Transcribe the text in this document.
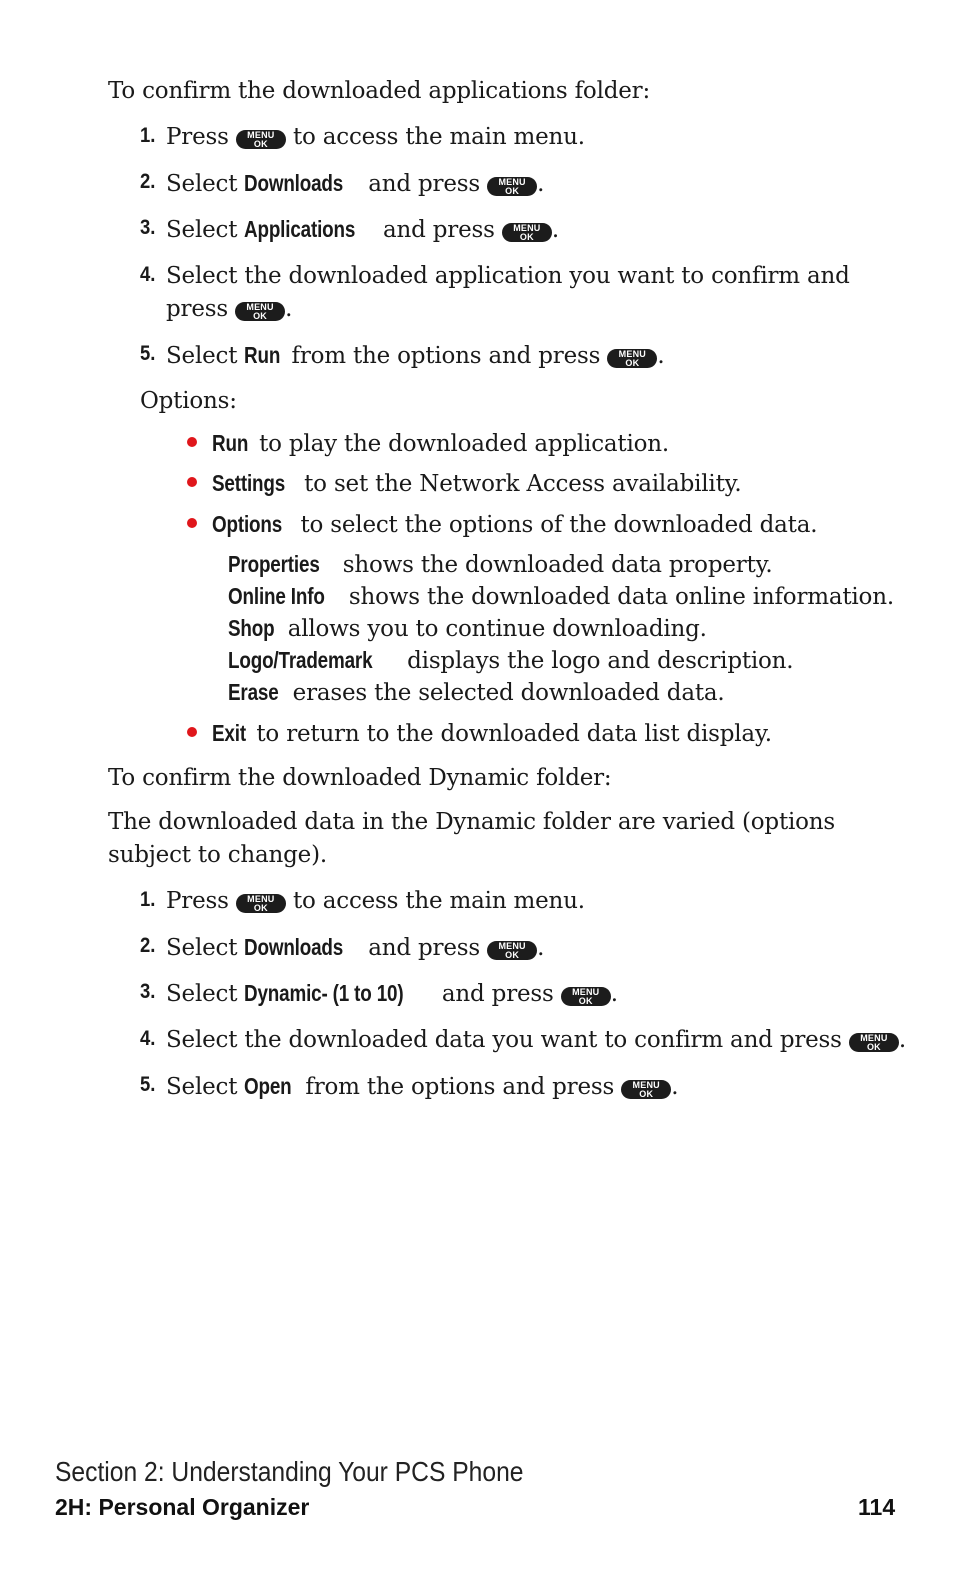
To confirm the downloaded applications folder:
1. Press	MENU
OK	to access the main menu.
2. Select Downloads and press	MENU
OK .
3. Select Applications and press	MENU
OK .
4. Select the downloaded application you want to confirm and
press	MENU
OK .
5. Select Run from the options and press	MENU
OK .
Options:
Run to play the downloaded application.
Settings to set the Network Access availability.
Options to select the options of the downloaded data.
Properties shows the downloaded data property.
Online Info shows the downloaded data online information.
Shop allows you to continue downloading.
Logo/Trademark displays the logo and description.
Erase erases the selected downloaded data.
Exit to return to the downloaded data list display.
To confirm the downloaded Dynamic folder:
The downloaded data in the Dynamic folder are varied (options
subject to change).
1. Press	MENU
OK	to access the main menu.
2. Select Downloads and press	MENU
OK .
3. Select Dynamic- (1 to 10) and press	MENU
OK .
4. Select the downloaded data you want to confirm and press	MENU
OK .
5. Select Open from the options and press	MENU
OK .
Section 2: Understanding Your PCS Phone
2H: Personal Organizer	114
